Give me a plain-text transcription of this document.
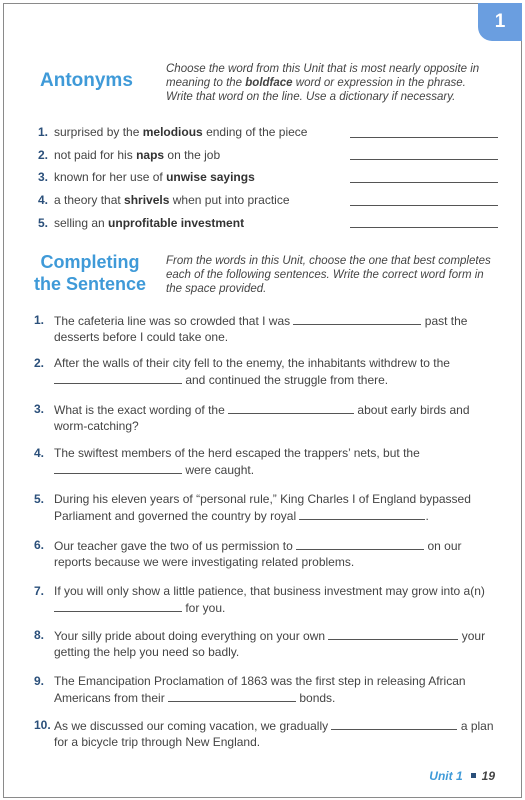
1
Antonyms
Choose the word from this Unit that is most nearly opposite in meaning to the boldface word or expression in the phrase. Write that word on the line. Use a dictionary if necessary.
1. surprised by the melodious ending of the piece
2. not paid for his naps on the job
3. known for her use of unwise sayings
4. a theory that shrivels when put into practice
5. selling an unprofitable investment
Completing
the Sentence
From the words in this Unit, choose the one that best completes each of the following sentences. Write the correct word form in the space provided.
1. The cafeteria line was so crowded that I was	past the desserts before I could take one.
2. After the walls of their city fell to the enemy, the inhabitants withdrew to the  and continued the struggle from there.
3. What is the exact wording of the	about early birds and worm-catching?
4. The swiftest members of the herd escaped the trappers’ nets, but the  were caught.
5. During his eleven years of “personal rule,” King Charles I of England bypassed Parliament and governed the country by royal	.
6. Our teacher gave the two of us permission to	on our reports because we were investigating related problems.
7. If you will only show a little patience, that business investment may grow into a(n)  for you.
8. Your silly pride about doing everything on your own	your getting the help you need so badly.
9. The Emancipation Proclamation of 1863 was the first step in releasing African Americans from their	bonds.
10. As we discussed our coming vacation, we gradually	a plan for a bicycle trip through New England.
Unit 1 19
